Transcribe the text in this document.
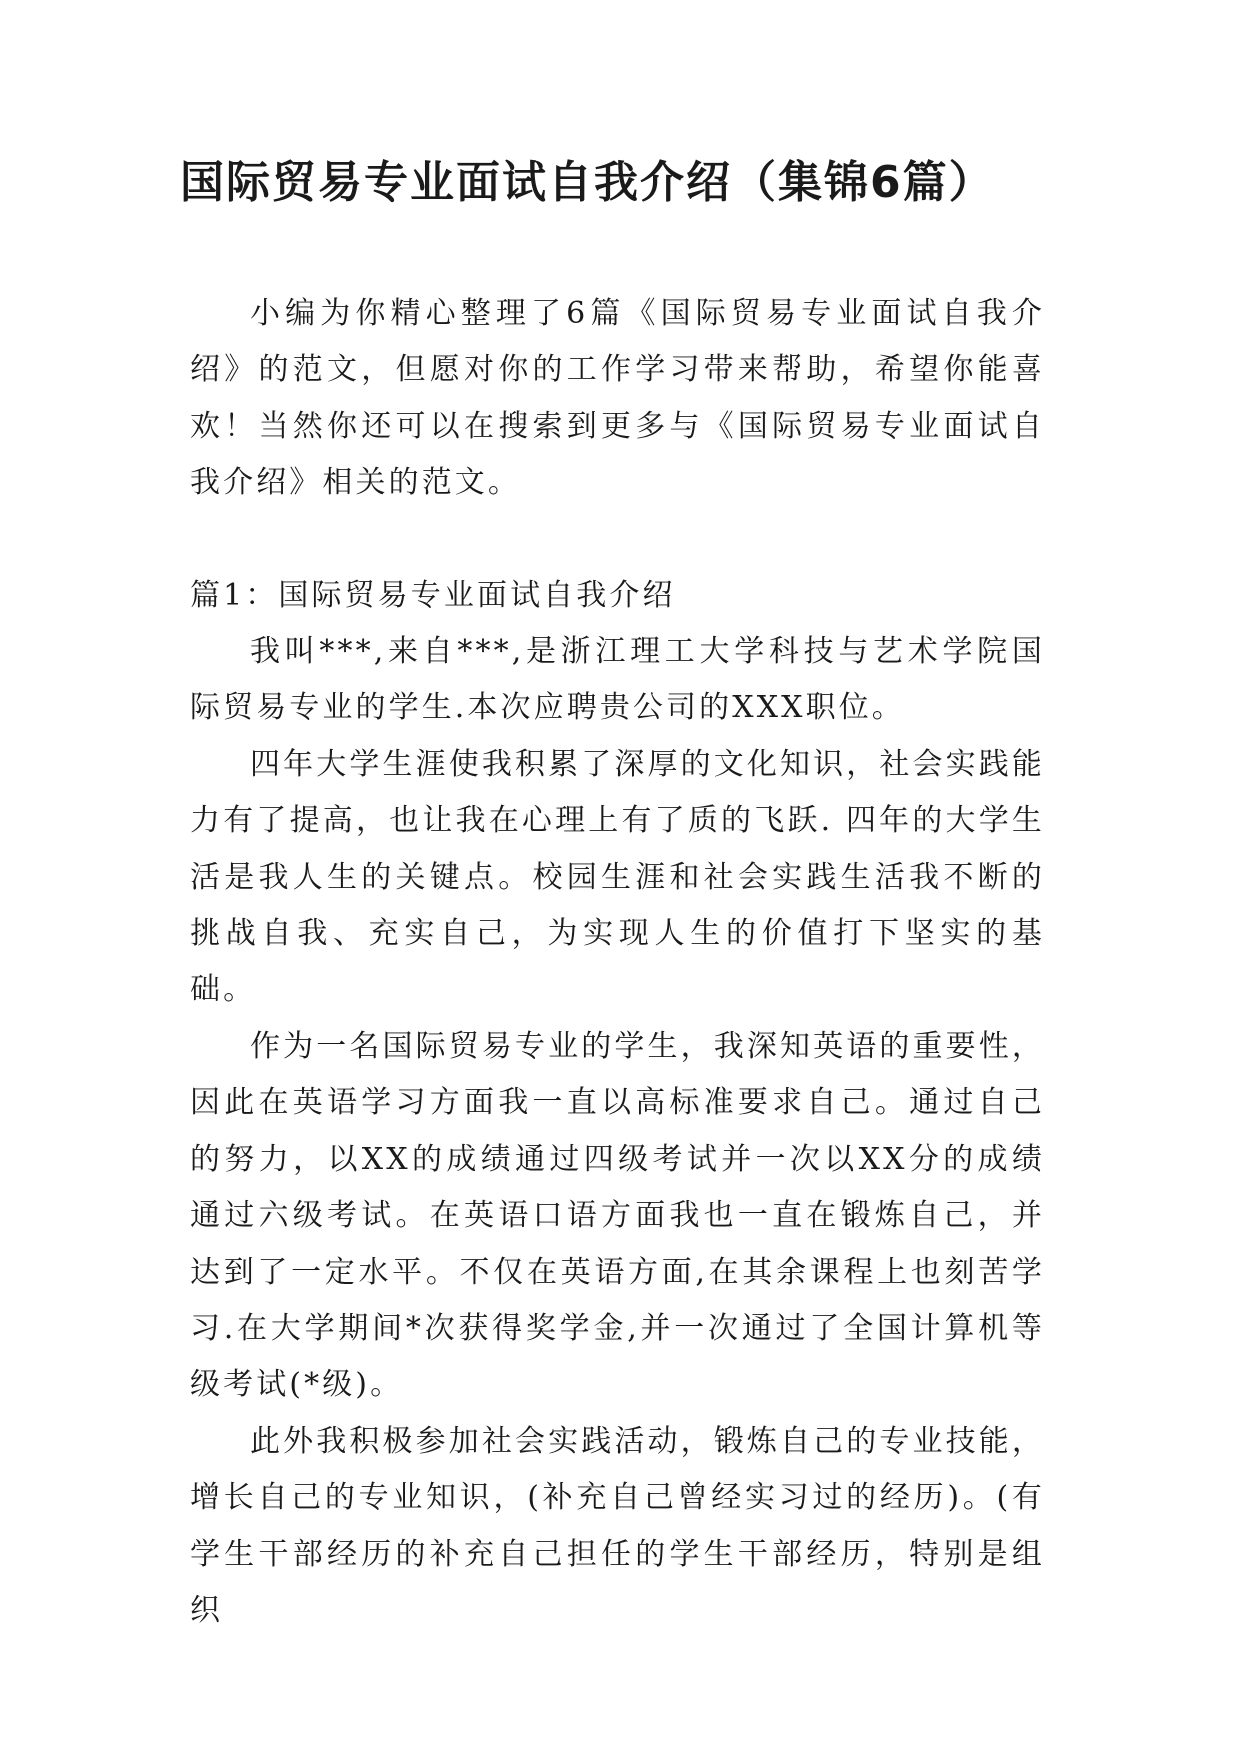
国际贸易专业面试自我介绍（集锦6篇）

小编为你精心整理了6篇《国际贸易专业面试自我介绍》的范文，但愿对你的工作学习带来帮助，希望你能喜欢！当然你还可以在搜索到更多与《国际贸易专业面试自我介绍》相关的范文。

篇1：国际贸易专业面试自我介绍

我叫***,来自***,是浙江理工大学科技与艺术学院国际贸易专业的学生.本次应聘贵公司的XXX职位。

四年大学生涯使我积累了深厚的文化知识，社会实践能力有了提高，也让我在心理上有了质的飞跃. 四年的大学生活是我人生的关键点。校园生涯和社会实践生活我不断的挑战自我、充实自己，为实现人生的价值打下坚实的基础。

作为一名国际贸易专业的学生，我深知英语的重要性，因此在英语学习方面我一直以高标准要求自己。通过自己的努力，以XX的成绩通过四级考试并一次以XX分的成绩通过六级考试。在英语口语方面我也一直在锻炼自己，并达到了一定水平。不仅在英语方面,在其余课程上也刻苦学习.在大学期间*次获得奖学金,并一次通过了全国计算机等级考试(*级)。

此外我积极参加社会实践活动，锻炼自己的专业技能，增长自己的专业知识，(补充自己曾经实习过的经历)。(有学生干部经历的补充自己担任的学生干部经历，特别是组织
